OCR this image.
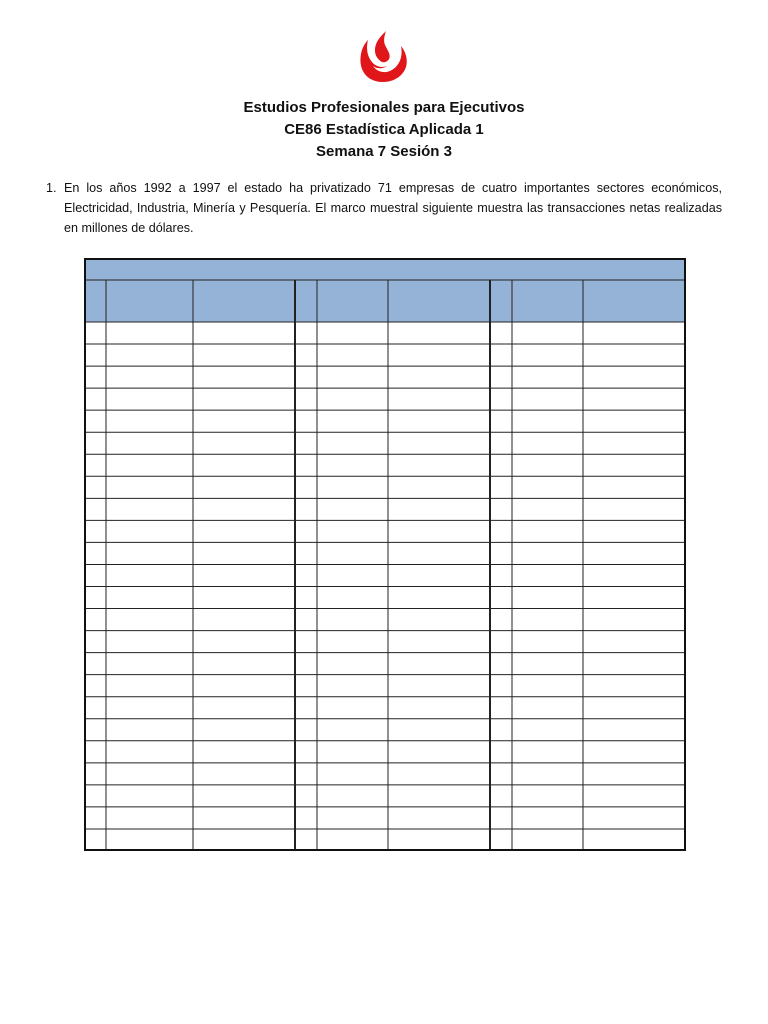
Estudios Profesionales para Ejecutivos
CE86 Estadística Aplicada 1
Semana 7 Sesión 3
1. En los años 1992 a 1997 el estado ha privatizado 71 empresas de cuatro importantes sectores económicos, Electricidad, Industria, Minería y Pesquería. El marco muestral siguiente muestra las transacciones netas realizadas en millones de dólares.
